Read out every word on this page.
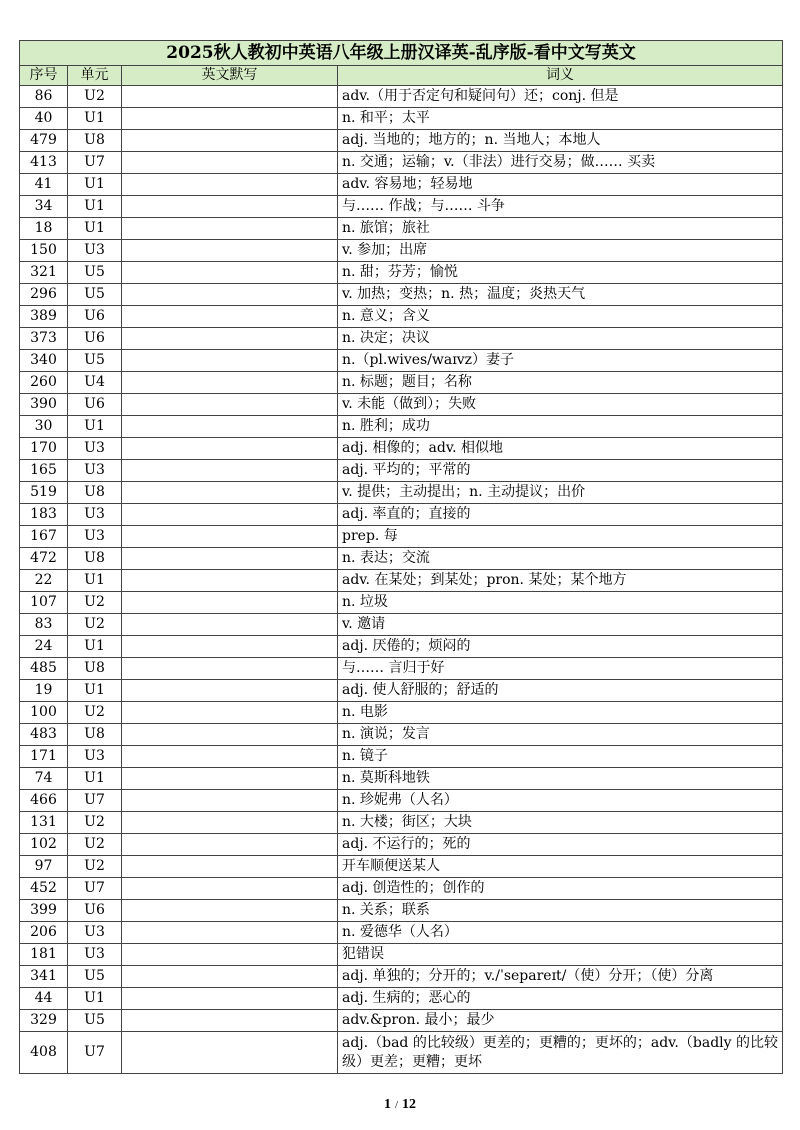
2025秋人教初中英语八年级上册汉译英-乱序版-看中文写英文			
序号	单元	英文默写	词义
86	U2		adv.（用于否定句和疑问句）还；conj. 但是
40	U1		n. 和平；太平
479	U8		adj. 当地的；地方的；n. 当地人；本地人
413	U7		n. 交通；运输；v.（非法）进行交易；做…… 买卖
41	U1		adv. 容易地；轻易地
34	U1		与…… 作战；与…… 斗争
18	U1		n. 旅馆；旅社
150	U3		v. 参加；出席
321	U5		n. 甜；芬芳；愉悦
296	U5		v. 加热；变热；n. 热；温度；炎热天气
389	U6		n. 意义；含义
373	U6		n. 决定；决议
340	U5		n.（pl.wives/waɪvz）妻子
260	U4		n. 标题；题目；名称
390	U6		v. 未能（做到）；失败
30	U1		n. 胜利；成功
170	U3		adj. 相像的；adv. 相似地
165	U3		adj. 平均的；平常的
519	U8		v. 提供；主动提出；n. 主动提议；出价
183	U3		adj. 率直的；直接的
167	U3		prep. 每
472	U8		n. 表达；交流
22	U1		adv. 在某处；到某处；pron. 某处；某个地方
107	U2		n. 垃圾
83	U2		v. 邀请
24	U1		adj. 厌倦的；烦闷的
485	U8		与…… 言归于好
19	U1		adj. 使人舒服的；舒适的
100	U2		n. 电影
483	U8		n. 演说；发言
171	U3		n. 镜子
74	U1		n. 莫斯科地铁
466	U7		n. 珍妮弗（人名）
131	U2		n. 大楼；街区；大块
102	U2		adj. 不运行的；死的
97	U2		开车顺便送某人
452	U7		adj. 创造性的；创作的
399	U6		n. 关系；联系
206	U3		n. 爱德华（人名）
181	U3		犯错误
341	U5		adj. 单独的；分开的；v./ˈsepareɪt/（使）分开；（使）分离
44	U1		adj. 生病的；恶心的
329	U5		adv.&pron. 最小；最少
408	U7		adj.（bad 的比较级）更差的；更糟的；更坏的；adv.（badly 的比较级）更差；更糟；更坏
1 / 12
